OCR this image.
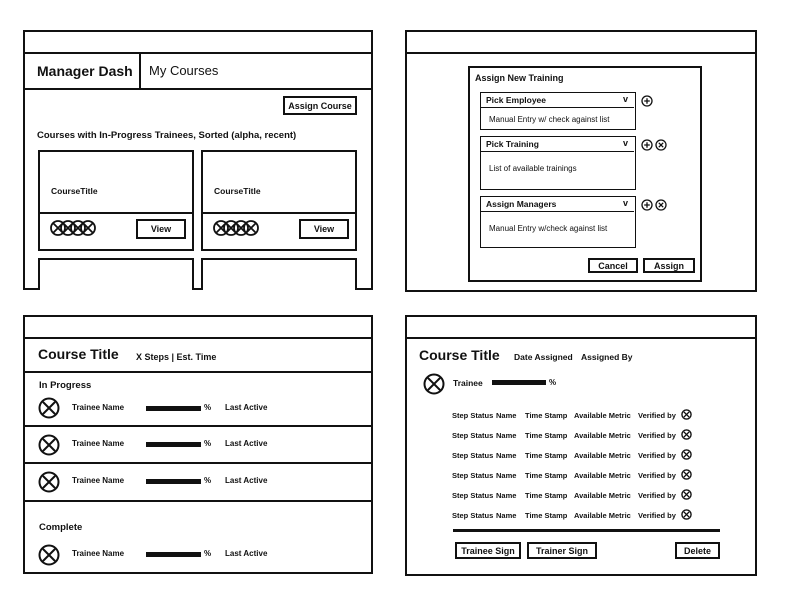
Manager Dash My Courses
Assign Course
Courses with In-Progress Trainees, Sorted (alpha, recent)
CourseTitle
View
CourseTitle
View
Assign New Training
Pick Employee	v
Manual Entry w/ check against list
Pick Training	v
List of available trainings
Assign Managers	v
Manual Entry w/check against list
Cancel	Assign
Course Title X Steps | Est. Time
In Progress
Trainee Name	% Last Active
Trainee Name	% Last Active
Trainee Name	% Last Active
Complete
Trainee Name	% Last Active
Course Title Date Assigned Assigned By
Trainee	%
Step Status Name Time Stamp Available Metric Verified by
Step Status Name Time Stamp Available Metric Verified by
Step Status Name Time Stamp Available Metric Verified by
Step Status Name Time Stamp Available Metric Verified by
Step Status Name Time Stamp Available Metric Verified by
Step Status Name Time Stamp Available Metric Verified by
Trainee Sign	Trainer Sign	Delete
